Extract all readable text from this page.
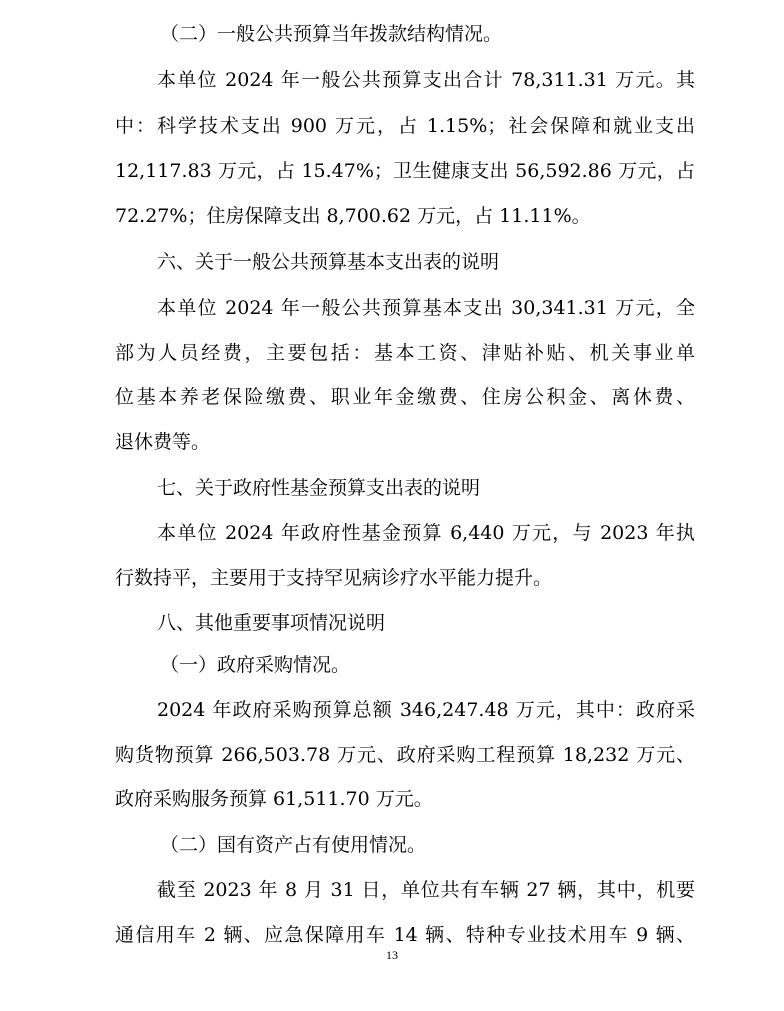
（二）一般公共预算当年拨款结构情况。
本单位 2024 年一般公共预算支出合计 78,311.31 万元。其
中：科学技术支出 900 万元，占 1.15%；社会保障和就业支出
12,117.83 万元，占 15.47%；卫生健康支出 56,592.86 万元，占
72.27%；住房保障支出 8,700.62 万元，占 11.11%。
六、关于一般公共预算基本支出表的说明
本单位 2024 年一般公共预算基本支出 30,341.31 万元，全
部为人员经费，主要包括：基本工资、津贴补贴、机关事业单
位基本养老保险缴费、职业年金缴费、住房公积金、离休费、
退休费等。
七、关于政府性基金预算支出表的说明
本单位 2024 年政府性基金预算 6,440 万元，与 2023 年执
行数持平，主要用于支持罕见病诊疗水平能力提升。
八、其他重要事项情况说明
（一）政府采购情况。
2024 年政府采购预算总额 346,247.48 万元，其中：政府采
购货物预算 266,503.78 万元、政府采购工程预算 18,232 万元、
政府采购服务预算 61,511.70 万元。
（二）国有资产占有使用情况。
截至 2023 年 8 月 31 日，单位共有车辆 27 辆，其中，机要
通信用车 2 辆、应急保障用车 14 辆、特种专业技术用车 9 辆、
13
